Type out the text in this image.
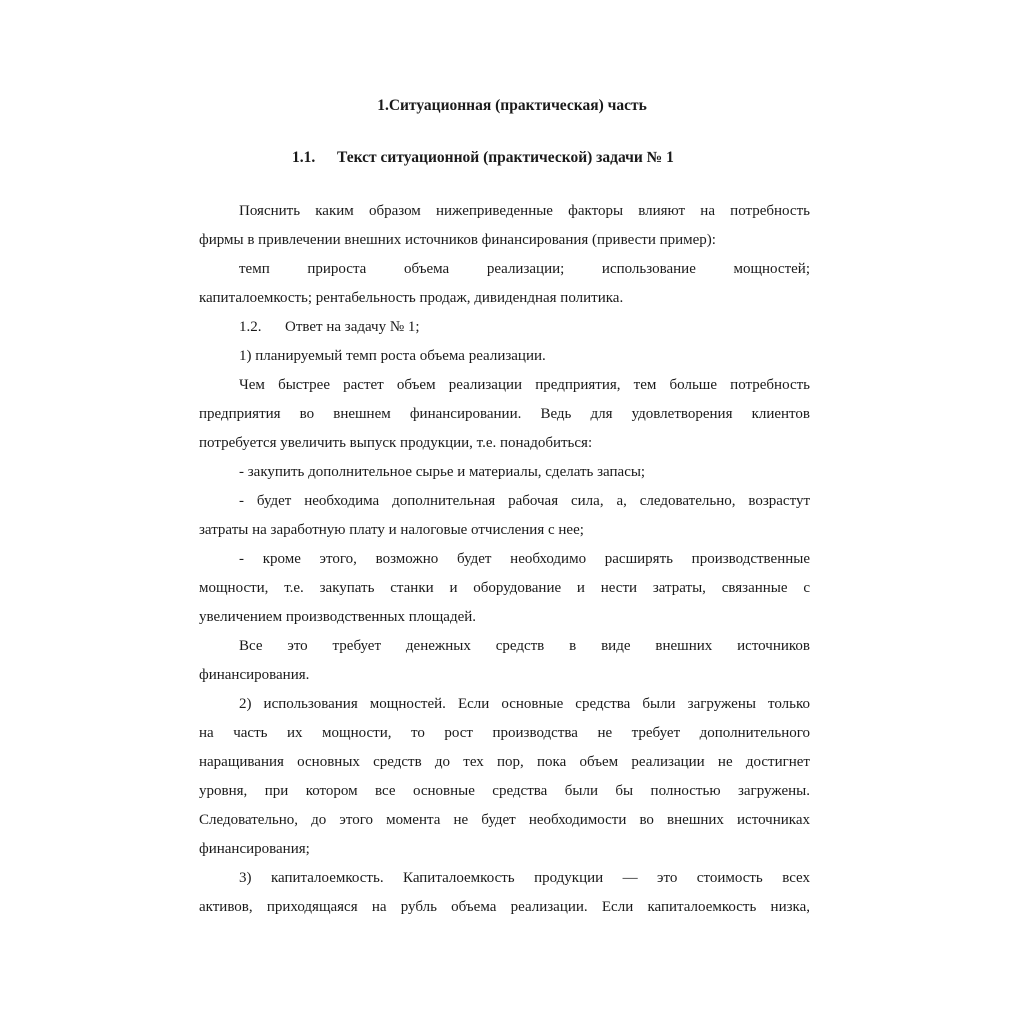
1.Ситуационная (практическая) часть
1.1. Текст ситуационной (практической) задачи № 1
Пояснить каким образом нижеприведенные факторы влияют на потребность
фирмы в привлечении внешних источников финансирования (привести пример):
темп прироста объема реализации; использование мощностей;
капиталоемкость; рентабельность продаж, дивидендная политика.
1.2. Ответ на задачу № 1;
1) планируемый темп роста объема реализации.
Чем быстрее растет объем реализации предприятия, тем больше потребность
предприятия во внешнем финансировании. Ведь для удовлетворения клиентов
потребуется увеличить выпуск продукции, т.е. понадобиться:
- закупить дополнительное сырье и материалы, сделать запасы;
- будет необходима дополнительная рабочая сила, а, следовательно, возрастут
затраты на заработную плату и налоговые отчисления с нее;
- кроме этого, возможно будет необходимо расширять производственные
мощности, т.е. закупать станки и оборудование и нести затраты, связанные с
увеличением производственных площадей.
Все это требует денежных средств в виде внешних источников
финансирования.
2) использования мощностей. Если основные средства были загружены только
на часть их мощности, то рост производства не требует дополнительного
наращивания основных средств до тех пор, пока объем реализации не достигнет
уровня, при котором все основные средства были бы полностью загружены.
Следовательно, до этого момента не будет необходимости во внешних источниках
финансирования;
3) капиталоемкость. Капиталоемкость продукции — это стоимость всех
активов, приходящаяся на рубль объема реализации. Если капиталоемкость низка,
